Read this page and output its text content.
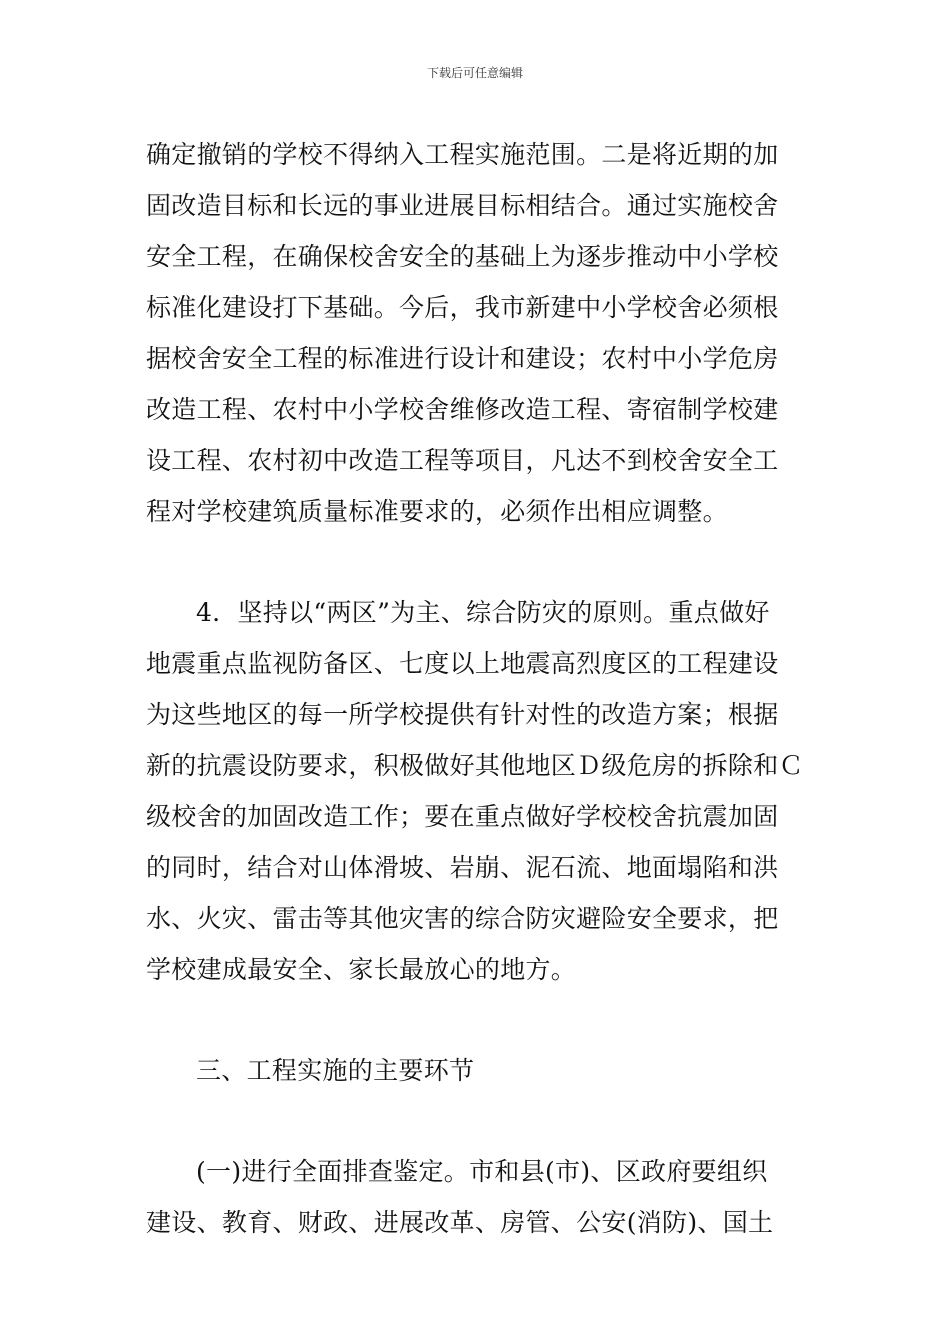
下载后可任意编辑
确定撤销的学校不得纳入工程实施范围。二是将近期的加
固改造目标和长远的事业进展目标相结合。通过实施校舍
安全工程，在确保校舍安全的基础上为逐步推动中小学校
标准化建设打下基础。今后，我市新建中小学校舍必须根
据校舍安全工程的标准进行设计和建设；农村中小学危房
改造工程、农村中小学校舍维修改造工程、寄宿制学校建
设工程、农村初中改造工程等项目，凡达不到校舍安全工
程对学校建筑质量标准要求的，必须作出相应调整。
4．坚持以“两区”为主、综合防灾的原则。重点做好
地震重点监视防备区、七度以上地震高烈度区的工程建设
为这些地区的每一所学校提供有针对性的改造方案；根据
新的抗震设防要求，积极做好其他地区Ｄ级危房的拆除和Ｃ
级校舍的加固改造工作；要在重点做好学校校舍抗震加固
的同时，结合对山体滑坡、岩崩、泥石流、地面塌陷和洪
水、火灾、雷击等其他灾害的综合防灾避险安全要求，把
学校建成最安全、家长最放心的地方。
三、工程实施的主要环节
(一)进行全面排查鉴定。市和县(市)、区政府要组织
建设、教育、财政、进展改革、房管、公安(消防)、国土
